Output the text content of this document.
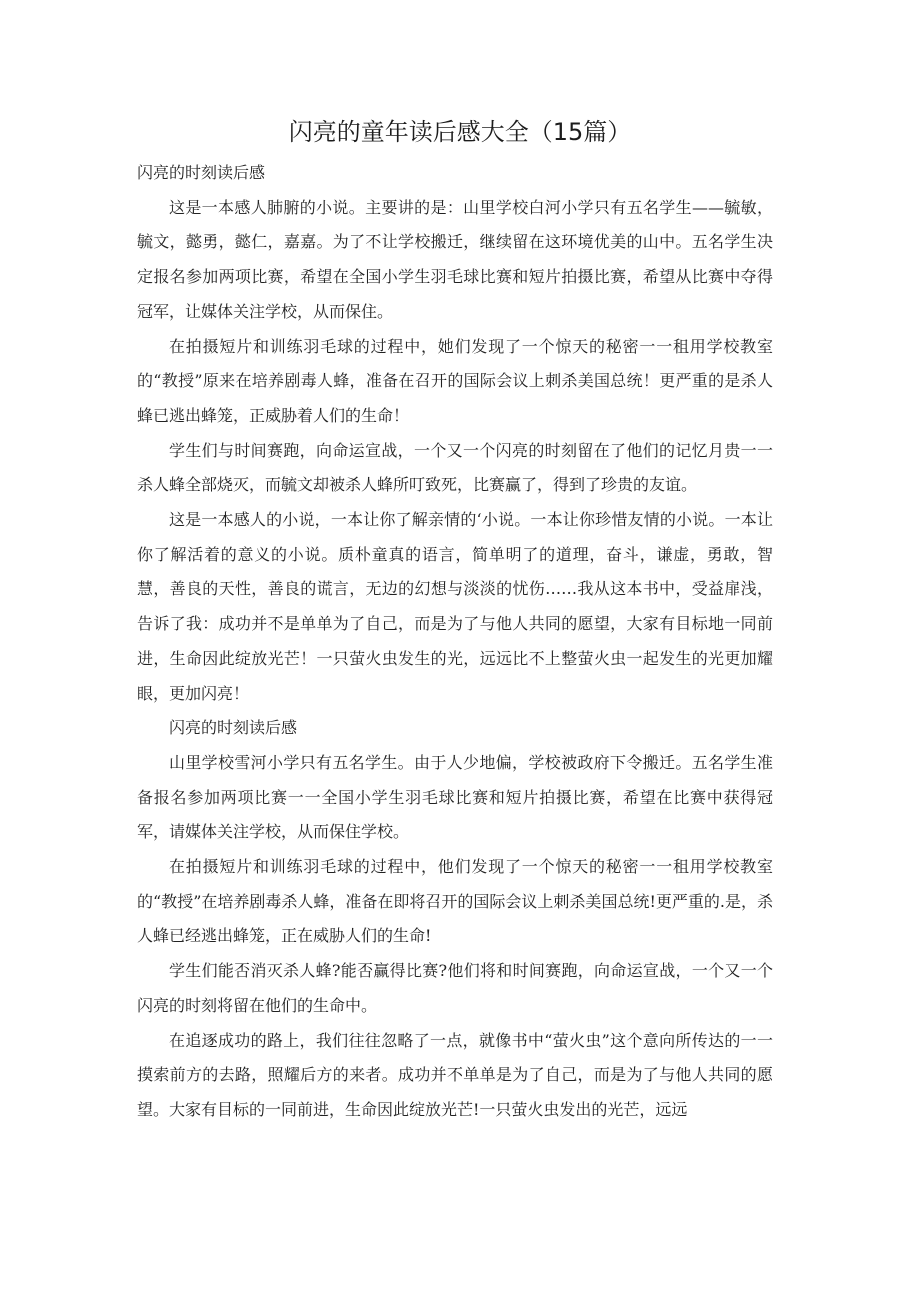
闪亮的童年读后感大全（15篇）

闪亮的时刻读后感

这是一本感人肺腑的小说。主要讲的是：山里学校白河小学只有五名学生——毓敏，毓文，懿勇，懿仁，嘉嘉。为了不让学校搬迁，继续留在这环境优美的山中。五名学生决定报名参加两项比赛，希望在全国小学生羽毛球比赛和短片拍摄比赛，希望从比赛中夺得冠军，让媒体关注学校，从而保住。

在拍摄短片和训练羽毛球的过程中，她们发现了一个惊天的秘密一一租用学校教室的“教授”原来在培养剧毒人蜂，准备在召开的国际会议上刺杀美国总统！更严重的是杀人蜂已逃出蜂笼，正威胁着人们的生命！

学生们与时间赛跑，向命运宣战，一个又一个闪亮的时刻留在了他们的记忆月贵一一杀人蜂全部烧灭，而毓文却被杀人蜂所叮致死，比赛赢了，得到了珍贵的友谊。

这是一本感人的小说，一本让你了解亲情的‘小说。一本让你珍惜友情的小说。一本让你了解活着的意义的小说。质朴童真的语言，简单明了的道理，奋斗，谦虚，勇敢，智慧，善良的天性，善良的谎言，无边的幻想与淡淡的忧伤……我从这本书中，受益扉浅，告诉了我：成功并不是单单为了自己，而是为了与他人共同的愿望，大家有目标地一同前进，生命因此绽放光芒！一只萤火虫发生的光，远远比不上整萤火虫一起发生的光更加耀眼，更加闪亮！

闪亮的时刻读后感

山里学校雪河小学只有五名学生。由于人少地偏，学校被政府下令搬迁。五名学生准备报名参加两项比赛一一全国小学生羽毛球比赛和短片拍摄比赛，希望在比赛中获得冠军，请媒体关注学校，从而保住学校。

在拍摄短片和训练羽毛球的过程中，他们发现了一个惊天的秘密一一租用学校教室的“教授”在培养剧毒杀人蜂，准备在即将召开的国际会议上刺杀美国总统!更严重的.是，杀人蜂已经逃出蜂笼，正在威胁人们的生命!

学生们能否消灭杀人蜂?能否赢得比赛?他们将和时间赛跑，向命运宣战，一个又一个闪亮的时刻将留在他们的生命中。

在追逐成功的路上，我们往往忽略了一点，就像书中“萤火虫”这个意向所传达的一一摸索前方的去路，照耀后方的来者。成功并不单单是为了自己，而是为了与他人共同的愿望。大家有目标的一同前进，生命因此绽放光芒!一只萤火虫发出的光芒，远远
